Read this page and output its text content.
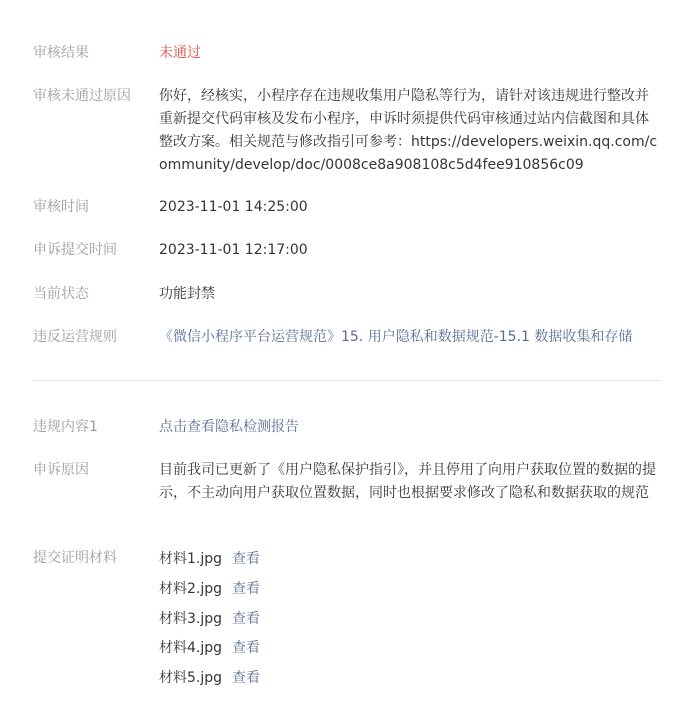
审核结果	未通过
审核未通过原因 你好，经核实，小程序存在违规收集用户隐私等行为，请针对该违规进行整改并重新提交代码审核及发布小程序，申诉时须提供代码审核通过站内信截图和具体整改方案。相关规范与修改指引可参考：https://developers.weixin.qq.com/community/develop/doc/0008ce8a908108c5d4fee910856c09
审核时间	2023-11-01 14:25:00
申诉提交时间	2023-11-01 12:17:00
当前状态	功能封禁
违反运营规则	《微信小程序平台运营规范》15. 用户隐私和数据规范-15.1 数据收集和存储
违规内容1	点击查看隐私检测报告
申诉原因	目前我司已更新了《用户隐私保护指引》，并且停用了向用户获取位置的数据的提示，不主动向用户获取位置数据，同时也根据要求修改了隐私和数据获取的规范
提交证明材料	材料1.jpg 查看
材料2.jpg 查看
材料3.jpg 查看
材料4.jpg 查看
材料5.jpg 查看
